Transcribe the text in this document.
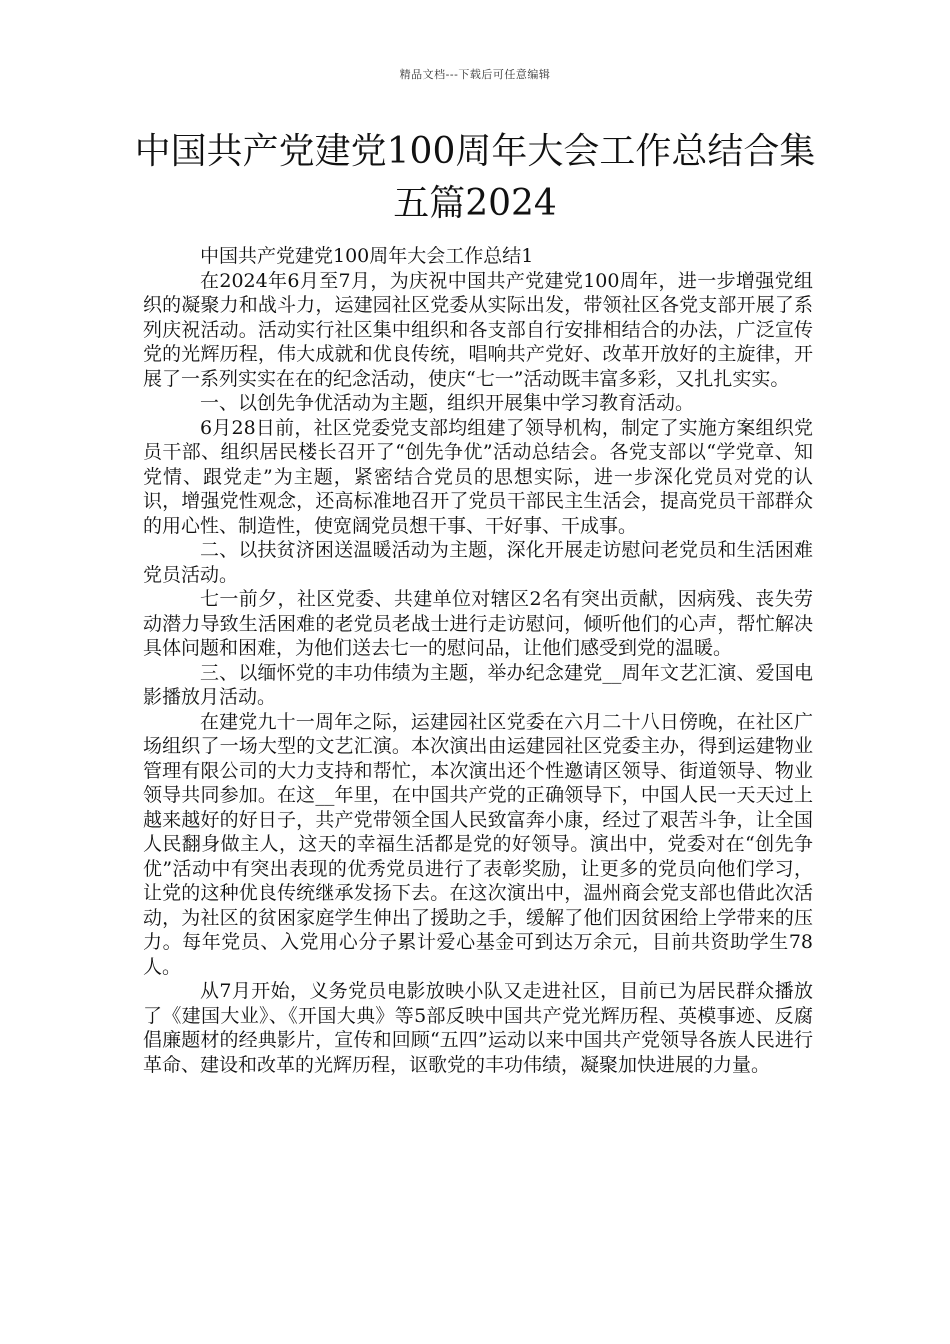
精品文档---下载后可任意编辑
中国共产党建党100周年大会工作总结合集五篇2024

中国共产党建党100周年大会工作总结1

在2024年6月至7月，为庆祝中国共产党建党100周年，进一步增强党组织的凝聚力和战斗力，运建园社区党委从实际出发，带领社区各党支部开展了系列庆祝活动。活动实行社区集中组织和各支部自行安排相结合的办法，广泛宣传党的光辉历程，伟大成就和优良传统，唱响共产党好、改革开放好的主旋律，开展了一系列实实在在的纪念活动，使庆“七一”活动既丰富多彩，又扎扎实实。

一、以创先争优活动为主题，组织开展集中学习教育活动。

6月28日前，社区党委党支部均组建了领导机构，制定了实施方案组织党员干部、组织居民楼长召开了“创先争优”活动总结会。各党支部以“学党章、知党情、跟党走”为主题，紧密结合党员的思想实际，进一步深化党员对党的认识，增强党性观念，还高标准地召开了党员干部民主生活会，提高党员干部群众的用心性、制造性，使宽阔党员想干事、干好事、干成事。

二、以扶贫济困送温暖活动为主题，深化开展走访慰问老党员和生活困难党员活动。

七一前夕，社区党委、共建单位对辖区2名有突出贡献，因病残、丧失劳动潜力导致生活困难的老党员老战士进行走访慰问，倾听他们的心声，帮忙解决具体问题和困难，为他们送去七一的慰问品，让他们感受到党的温暖。

三、以缅怀党的丰功伟绩为主题，举办纪念建党__周年文艺汇演、爱国电影播放月活动。

在建党九十一周年之际，运建园社区党委在六月二十八日傍晚，在社区广场组织了一场大型的文艺汇演。本次演出由运建园社区党委主办，得到运建物业管理有限公司的大力支持和帮忙，本次演出还个性邀请区领导、街道领导、物业领导共同参加。在这__年里，在中国共产党的正确领导下，中国人民一天天过上越来越好的好日子，共产党带领全国人民致富奔小康，经过了艰苦斗争，让全国人民翻身做主人，这天的幸福生活都是党的好领导。演出中，党委对在“创先争优”活动中有突出表现的优秀党员进行了表彰奖励，让更多的党员向他们学习，让党的这种优良传统继承发扬下去。在这次演出中，温州商会党支部也借此次活动，为社区的贫困家庭学生伸出了援助之手，缓解了他们因贫困给上学带来的压力。每年党员、入党用心分子累计爱心基金可到达万余元，目前共资助学生78人。

从7月开始，义务党员电影放映小队又走进社区，目前已为居民群众播放了《建国大业》、《开国大典》等5部反映中国共产党光辉历程、英模事迹、反腐倡廉题材的经典影片，宣传和回顾“五四”运动以来中国共产党领导各族人民进行革命、建设和改革的光辉历程，讴歌党的丰功伟绩，凝聚加快进展的力量。
